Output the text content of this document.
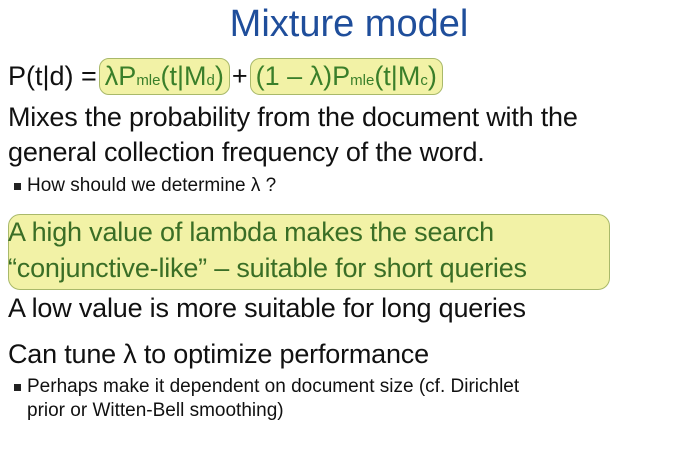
Mixture model
P(t|d) = λP mle (t|M d ) + (1 – λ)P mle (t|M c )
Mixes the probability from the document with the
general collection frequency of the word.
How should we determine λ ?
A high value of lambda makes the search
“conjunctive-like” – suitable for short queries
A low value is more suitable for long queries
Can tune λ to optimize performance
Perhaps make it dependent on document size (cf. Dirichlet
prior or Witten-Bell smoothing)
